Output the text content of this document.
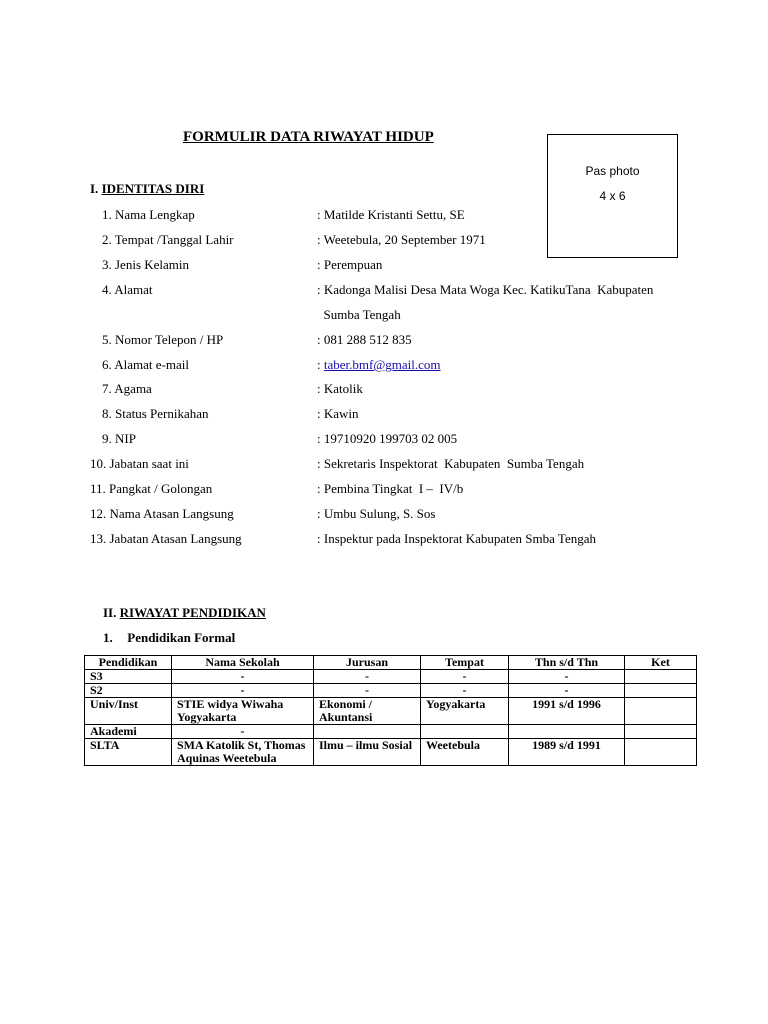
FORMULIR DATA RIWAYAT HIDUP
Pas photo
4 x 6
I. IDENTITAS DIRI
1. Nama Lengkap	: Matilde Kristanti Settu, SE
2. Tempat /Tanggal Lahir	: Weetebula, 20 September 1971
3. Jenis Kelamin	: Perempuan
4. Alamat	: Kadonga Malisi Desa Mata Woga Kec. KatikuTana  Kabupaten
Sumba Tengah
5. Nomor Telepon / HP	: 081 288 512 835
6. Alamat e-mail	: taber.bmf@gmail.com
7. Agama	: Katolik
8. Status Pernikahan	: Kawin
9. NIP	: 19710920 199703 02 005
10. Jabatan saat ini	: Sekretaris Inspektorat  Kabupaten  Sumba Tengah
11. Pangkat / Golongan	: Pembina Tingkat  I –  IV/b
12. Nama Atasan Langsung	: Umbu Sulung, S. Sos
13. Jabatan Atasan Langsung	: Inspektur pada Inspektorat Kabupaten Smba Tengah
II. RIWAYAT PENDIDIKAN
1. Pendidikan Formal
Pendidikan	Nama Sekolah	Jurusan	Tempat	Thn s/d Thn	Ket
S3	-	-	-	-	
S2	-	-	-	-	
Univ/Inst	STIE widya Wiwaha Yogyakarta	Ekonomi / Akuntansi	Yogyakarta	1991 s/d 1996	
Akademi	-				
SLTA	SMA Katolik St, Thomas Aquinas Weetebula	Ilmu – ilmu Sosial	Weetebula	1989 s/d 1991	
